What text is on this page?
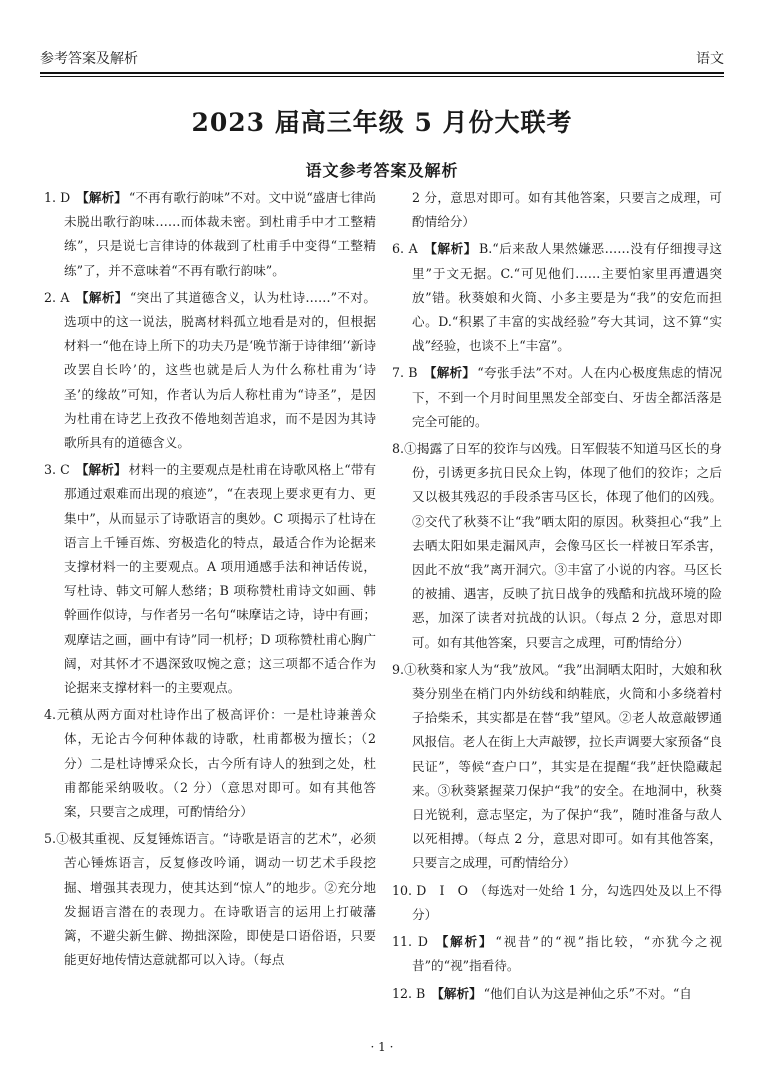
参考答案及解析	语文
2023 届高三年级 5 月份大联考
语文参考答案及解析

1. D 【解析】 “不再有歌行韵味”不对。文中说“盛唐七律尚未脱出歌行韵味……而体裁未密。到杜甫手中才工整精练”，只是说七言律诗的体裁到了杜甫手中变得“工整精练”了，并不意味着“不再有歌行韵味”。

2. A 【解析】 “突出了其道德含义，认为杜诗……”不对。选项中的这一说法，脱离材料孤立地看是对的，但根据材料一“他在诗上所下的功夫乃是‘晚节渐于诗律细’‘新诗改罢自长吟’的，这些也就是后人为什么称杜甫为‘诗圣’的缘故”可知，作者认为后人称杜甫为“诗圣”，是因为杜甫在诗艺上孜孜不倦地刻苦追求，而不是因为其诗歌所具有的道德含义。

3. C 【解析】 材料一的主要观点是杜甫在诗歌风格上“带有那通过艰难而出现的痕迹”，“在表现上要求更有力、更集中”，从而显示了诗歌语言的奥妙。C 项揭示了杜诗在语言上千锤百炼、穷极造化的特点，最适合作为论据来支撑材料一的主要观点。A 项用通感手法和神话传说，写杜诗、韩文可解人愁绪；B 项称赞杜甫诗文如画、韩幹画作似诗，与作者另一名句“味摩诘之诗，诗中有画；观摩诘之画，画中有诗”同一机杼；D 项称赞杜甫心胸广阔，对其怀才不遇深致叹惋之意；这三项都不适合作为论据来支撑材料一的主要观点。

4.元稹从两方面对杜诗作出了极高评价：一是杜诗兼善众体，无论古今何种体裁的诗歌，杜甫都极为擅长；（2 分）二是杜诗博采众长，古今所有诗人的独到之处，杜甫都能采纳吸收。（2 分）（意思对即可。如有其他答案，只要言之成理，可酌情给分）

5.①极其重视、反复锤炼语言。“诗歌是语言的艺术”，必须苦心锤炼语言，反复修改吟诵，调动一切艺术手段挖掘、增强其表现力，使其达到“惊人”的地步。②充分地发掘语言潜在的表现力。在诗歌语言的运用上打破藩篱，不避尖新生僻、拗拙深险，即使是口语俗语，只要能更好地传情达意就都可以入诗。（每点

2 分，意思对即可。如有其他答案，只要言之成理，可酌情给分）

6. A 【解析】 B.“后来敌人果然嫌恶……没有仔细搜寻这里”于文无据。C.“可见他们……主要怕家里再遭遇突放”错。秋葵娘和火筒、小多主要是为“我”的安危而担心。D.“积累了丰富的实战经验”夸大其词，这不算“实战”经验，也谈不上“丰富”。

7. B 【解析】 “夸张手法”不对。人在内心极度焦虑的情况下，不到一个月时间里黑发全部变白、牙齿全都活落是完全可能的。

8.①揭露了日军的狡诈与凶残。日军假装不知道马区长的身份，引诱更多抗日民众上钩，体现了他们的狡诈；之后又以极其残忍的手段杀害马区长，体现了他们的凶残。②交代了秋葵不让“我”晒太阳的原因。秋葵担心“我”上去晒太阳如果走漏风声，会像马区长一样被日军杀害，因此不放“我”离开洞穴。③丰富了小说的内容。马区长的被捕、遇害，反映了抗日战争的残酷和抗战环境的险恶，加深了读者对抗战的认识。（每点 2 分，意思对即可。如有其他答案，只要言之成理，可酌情给分）

9.①秋葵和家人为“我”放风。“我”出洞晒太阳时，大娘和秋葵分别坐在梢门内外纺线和纳鞋底，火筒和小多绕着村子拾柴禾，其实都是在替“我”望风。②老人故意敲锣通风报信。老人在街上大声敲锣，拉长声调要大家预备“良民证”，等候“查户口”，其实是在提醒“我”赶快隐藏起来。③秋葵紧握菜刀保护“我”的安全。在地洞中，秋葵日光锐利，意志坚定，为了保护“我”，随时准备与敌人以死相搏。（每点 2 分，意思对即可。如有其他答案，只要言之成理，可酌情给分）

10. D　I　O （每选对一处给 1 分，勾选四处及以上不得分）

11. D 【解析】 “视昔”的“视”指比较，“亦犹今之视昔”的“视”指看待。

12. B 【解析】 “他们自认为这是神仙之乐”不对。“自

· 1 ·
